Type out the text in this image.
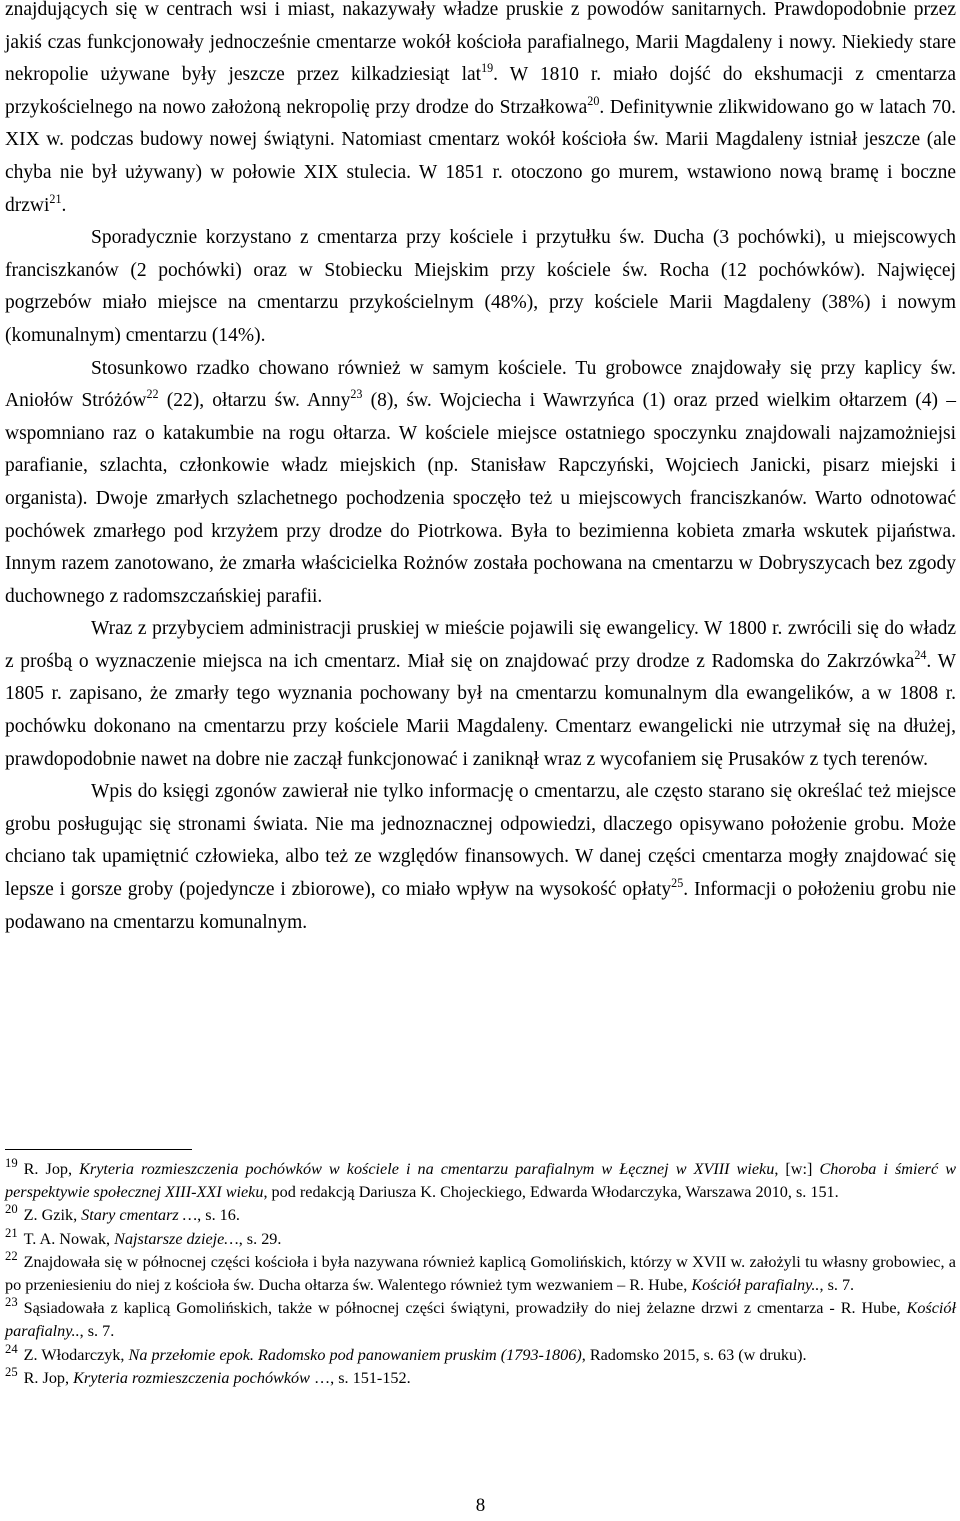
znajdujących się w centrach wsi i miast, nakazywały władze pruskie z powodów sanitarnych. Prawdopodobnie przez jakiś czas funkcjonowały jednocześnie cmentarze wokół kościoła parafialnego, Marii Magdaleny i nowy. Niekiedy stare nekropolie używane były jeszcze przez kilkadziesiąt lat$^{19}$. W 1810 r. miało dojść do ekshumacji z cmentarza przykościelnego na nowo założoną nekropolię przy drodze do Strzałkowa$^{20}$. Definitywnie zlikwidowano go w latach 70. XIX w. podczas budowy nowej świątyni. Natomiast cmentarz wokół kościoła św. Marii Magdaleny istniał jeszcze (ale chyba nie był używany) w połowie XIX stulecia. W 1851 r. otoczono go murem, wstawiono nową bramę i boczne drzwi$^{21}$.

Sporadycznie korzystano z cmentarza przy kościele i przytułku św. Ducha (3 pochówki), u miejscowych franciszkanów (2 pochówki) oraz w Stobiecku Miejskim przy kościele św. Rocha (12 pochówków). Najwięcej pogrzebów miało miejsce na cmentarzu przykościelnym (48%), przy kościele Marii Magdaleny (38%) i nowym (komunalnym) cmentarzu (14%).

Stosunkowo rzadko chowano również w samym kościele. Tu grobowce znajdowały się przy kaplicy św. Aniołów Stróżów$^{22}$ (22), ołtarzu św. Anny$^{23}$ (8), św. Wojciecha i Wawrzyńca (1) oraz przed wielkim ołtarzem (4) – wspomniano raz o katakumbie na rogu ołtarza. W kościele miejsce ostatniego spoczynku znajdowali najzamożniejsi parafianie, szlachta, członkowie władz miejskich (np. Stanisław Rapczyński, Wojciech Janicki, pisarz miejski i organista). Dwoje zmarłych szlachetnego pochodzenia spoczęło też u miejscowych franciszkanów. Warto odnotować pochówek zmarłego pod krzyżem przy drodze do Piotrkowa. Była to bezimienna kobieta zmarła wskutek pijaństwa. Innym razem zanotowano, że zmarła właścicielka Rożnów została pochowana na cmentarzu w Dobryszycach bez zgody duchownego z radomszczańskiej parafii.

Wraz z przybyciem administracji pruskiej w mieście pojawili się ewangelicy. W 1800 r. zwrócili się do władz z prośbą o wyznaczenie miejsca na ich cmentarz. Miał się on znajdować przy drodze z Radomska do Zakrzówka$^{24}$. W 1805 r. zapisano, że zmarły tego wyznania pochowany był na cmentarzu komunalnym dla ewangelików, a w 1808 r. pochówku dokonano na cmentarzu przy kościele Marii Magdaleny. Cmentarz ewangelicki nie utrzymał się na dłużej, prawdopodobnie nawet na dobre nie zaczął funkcjonować i zaniknął wraz z wycofaniem się Prusaków z tych terenów.

Wpis do księgi zgonów zawierał nie tylko informację o cmentarzu, ale często starano się określać też miejsce grobu posługując się stronami świata. Nie ma jednoznacznej odpowiedzi, dlaczego opisywano położenie grobu. Może chciano tak upamiętnić człowieka, albo też ze względów finansowych. W danej części cmentarza mogły znajdować się lepsze i gorsze groby (pojedyncze i zbiorowe), co miało wpływ na wysokość opłaty$^{25}$. Informacji o położeniu grobu nie podawano na cmentarzu komunalnym.

$^{19}$ R. Jop, Kryteria rozmieszczenia pochówków w kościele i na cmentarzu parafialnym w Łęcznej w XVIII wieku, [w:] Choroba i śmierć w perspektywie społecznej XIII-XXI wieku, pod redakcją Dariusza K. Chojeckiego, Edwarda Włodarczyka, Warszawa 2010, s. 151.

$^{20}$ Z. Gzik, Stary cmentarz …, s. 16.

$^{21}$ T. A. Nowak, Najstarsze dzieje…, s. 29.

$^{22}$ Znajdowała się w północnej części kościoła i była nazywana również kaplicą Gomolińskich, którzy w XVII w. założyli tu własny grobowiec, a po przeniesieniu do niej z kościoła św. Ducha ołtarza św. Walentego również tym wezwaniem – R. Hube, Kościół parafialny.., s. 7.

$^{23}$ Sąsiadowała z kaplicą Gomolińskich, także w północnej części świątyni, prowadziły do niej żelazne drzwi z cmentarza - R. Hube, Kościół parafialny.., s. 7.

$^{24}$ Z. Włodarczyk, Na przełomie epok. Radomsko pod panowaniem pruskim (1793-1806), Radomsko 2015, s. 63 (w druku).

$^{25}$ R. Jop, Kryteria rozmieszczenia pochówków …, s. 151-152.

8
